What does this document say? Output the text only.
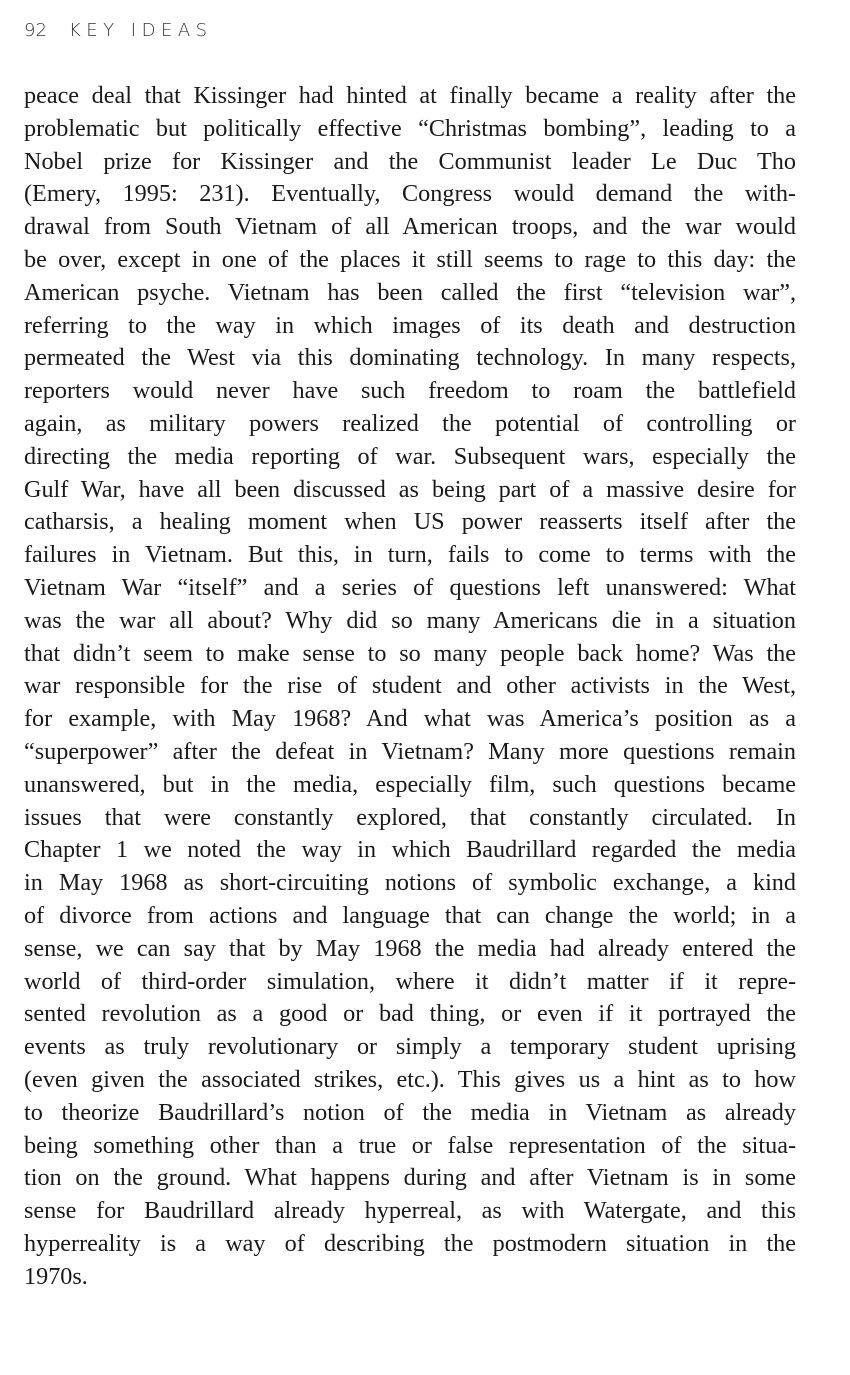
92 KEY IDEAS
peace deal that Kissinger had hinted at finally became a reality after the
problematic but politically effective “Christmas bombing”, leading to a
Nobel prize for Kissinger and the Communist leader Le Duc Tho
(Emery, 1995: 231). Eventually, Congress would demand the with-
drawal from South Vietnam of all American troops, and the war would
be over, except in one of the places it still seems to rage to this day: the
American psyche. Vietnam has been called the first “television war”,
referring to the way in which images of its death and destruction
permeated the West via this dominating technology. In many respects,
reporters would never have such freedom to roam the battlefield
again, as military powers realized the potential of controlling or
directing the media reporting of war. Subsequent wars, especially the
Gulf War, have all been discussed as being part of a massive desire for
catharsis, a healing moment when US power reasserts itself after the
failures in Vietnam. But this, in turn, fails to come to terms with the
Vietnam War “itself” and a series of questions left unanswered: What
was the war all about? Why did so many Americans die in a situation
that didn’t seem to make sense to so many people back home? Was the
war responsible for the rise of student and other activists in the West,
for example, with May 1968? And what was America’s position as a
“superpower” after the defeat in Vietnam? Many more questions remain
unanswered, but in the media, especially film, such questions became
issues that were constantly explored, that constantly circulated. In
Chapter 1 we noted the way in which Baudrillard regarded the media
in May 1968 as short-circuiting notions of symbolic exchange, a kind
of divorce from actions and language that can change the world; in a
sense, we can say that by May 1968 the media had already entered the
world of third-order simulation, where it didn’t matter if it repre-
sented revolution as a good or bad thing, or even if it portrayed the
events as truly revolutionary or simply a temporary student uprising
(even given the associated strikes, etc.). This gives us a hint as to how
to theorize Baudrillard’s notion of the media in Vietnam as already
being something other than a true or false representation of the situa-
tion on the ground. What happens during and after Vietnam is in some
sense for Baudrillard already hyperreal, as with Watergate, and this
hyperreality is a way of describing the postmodern situation in the
1970s.
